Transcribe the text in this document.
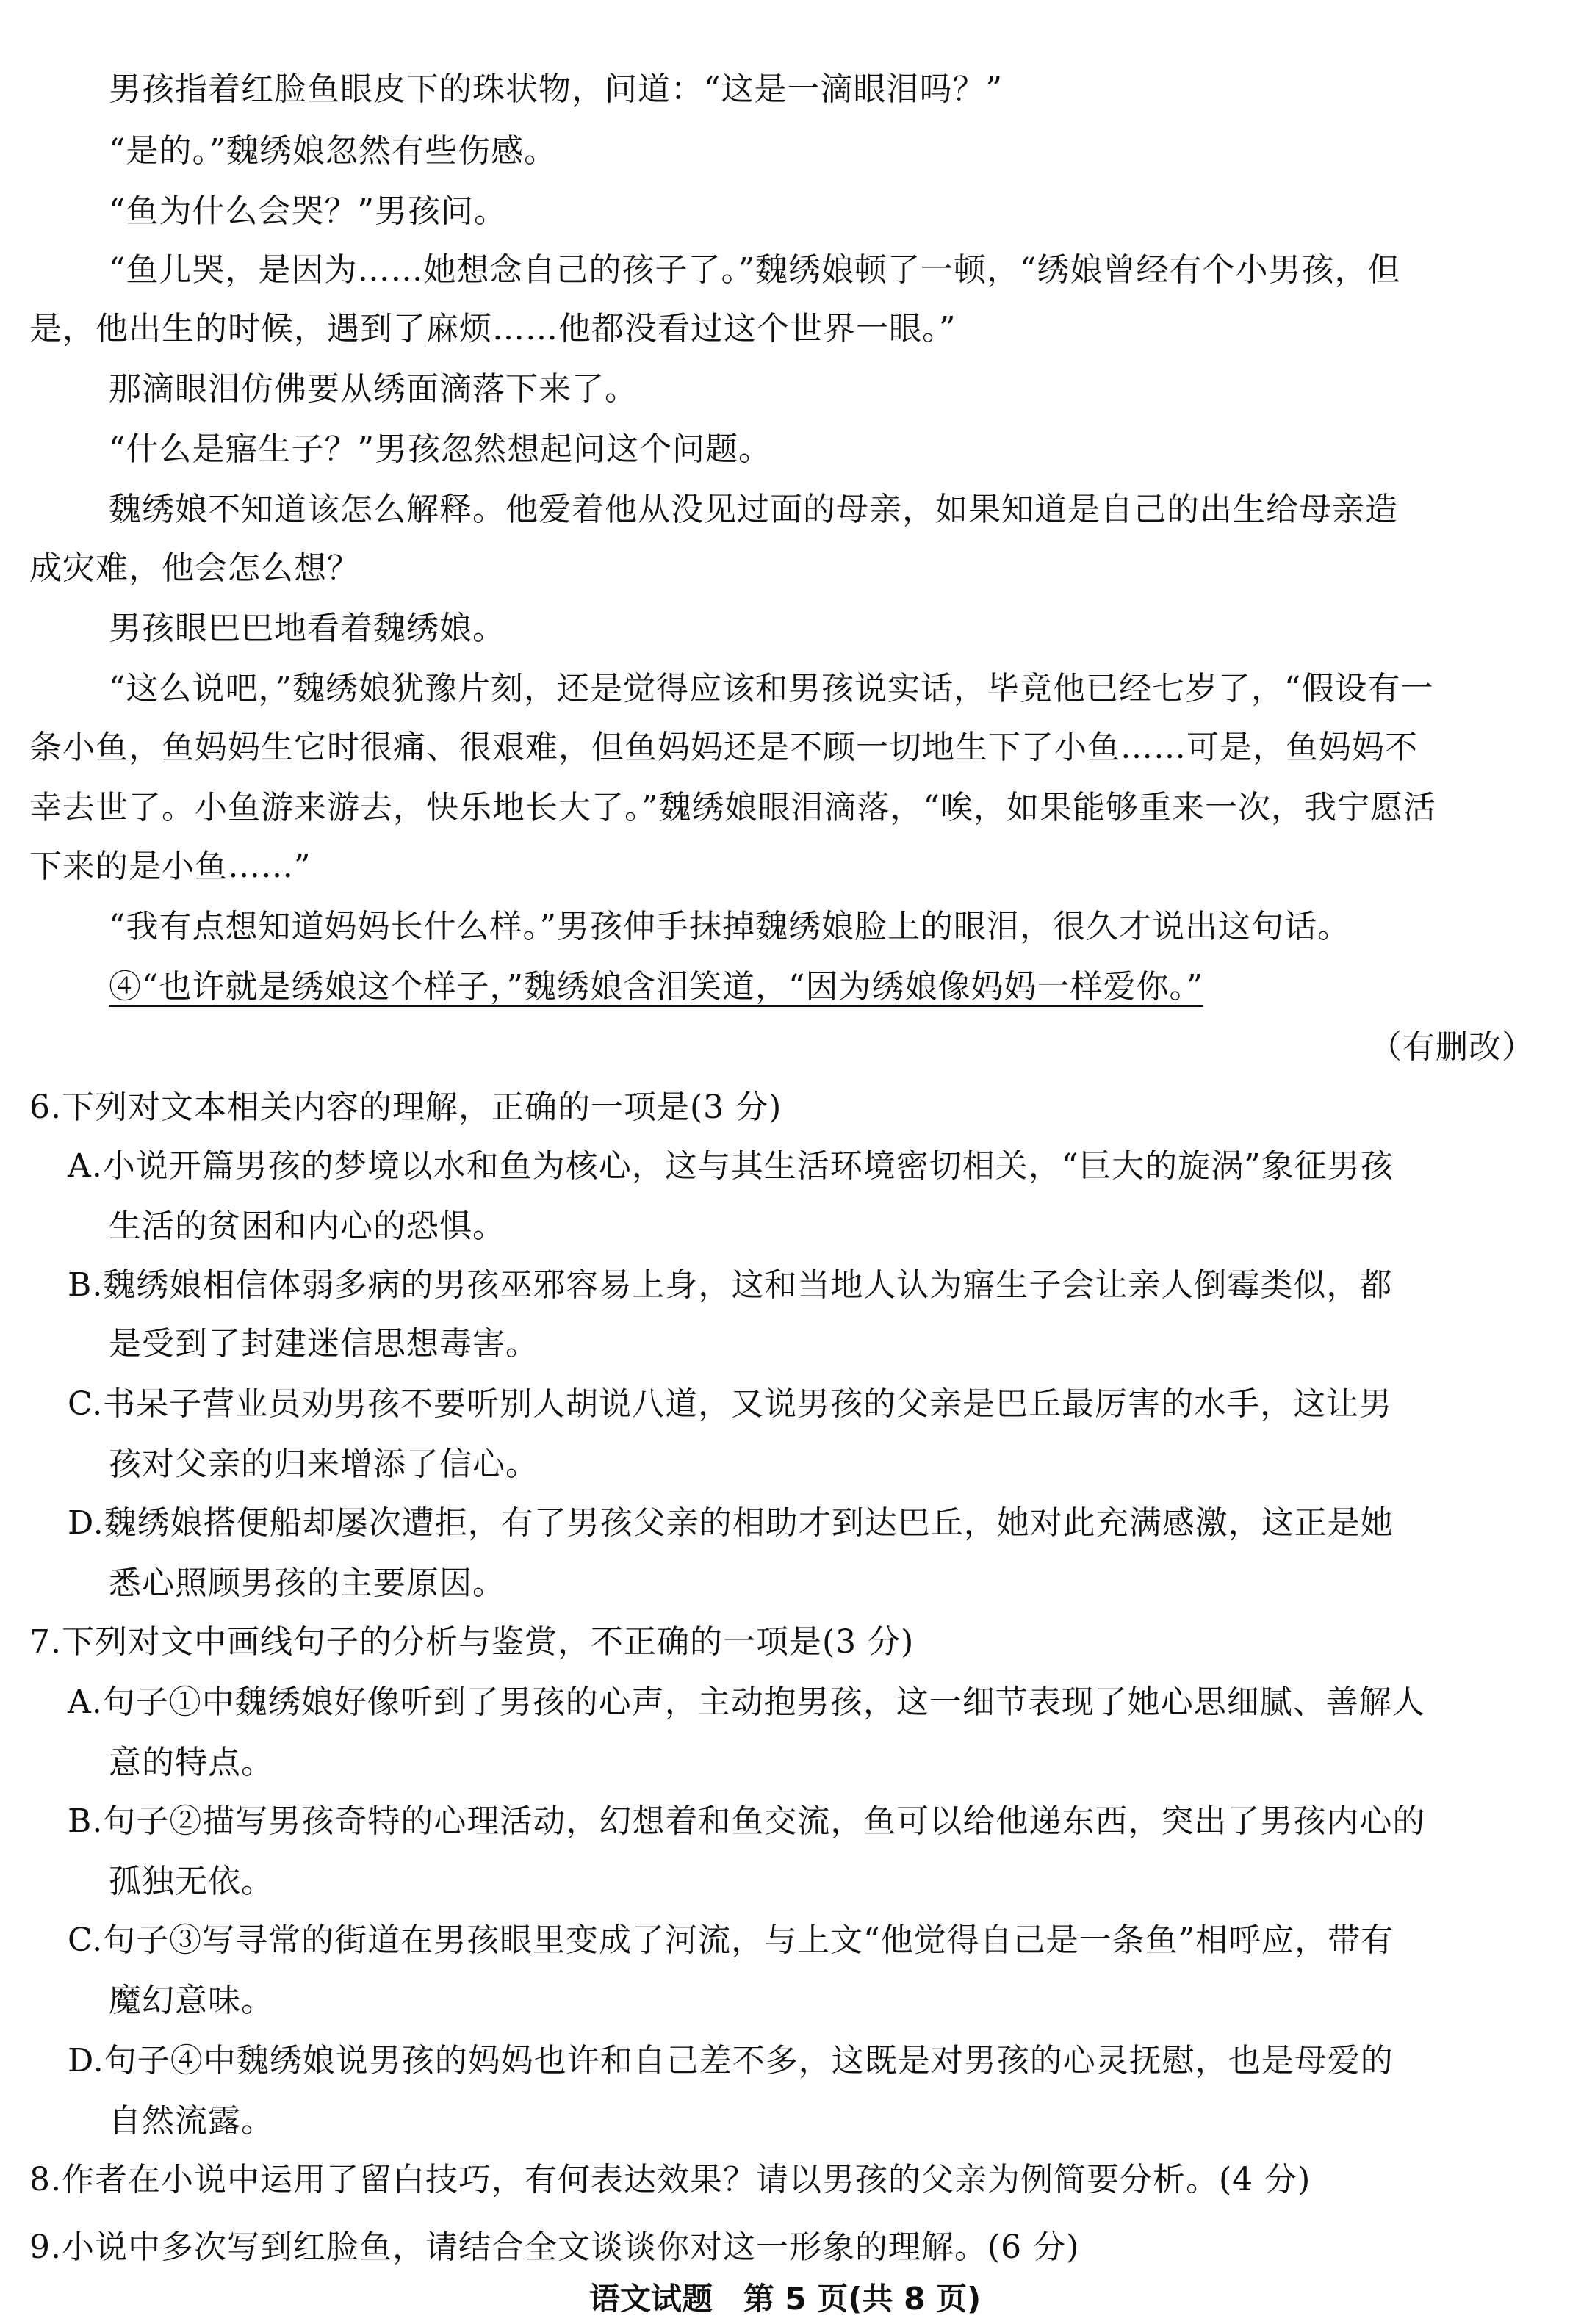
男孩指着红脸鱼眼皮下的珠状物，问道：“这是一滴眼泪吗？”
“是的。”魏绣娘忽然有些伤感。
“鱼为什么会哭？”男孩问。
“鱼儿哭，是因为……她想念自己的孩子了。”魏绣娘顿了一顿，“绣娘曾经有个小男孩，但
是，他出生的时候，遇到了麻烦……他都没看过这个世界一眼。”
那滴眼泪仿佛要从绣面滴落下来了。
“什么是寤生子？”男孩忽然想起问这个问题。
魏绣娘不知道该怎么解释。他爱着他从没见过面的母亲，如果知道是自己的出生给母亲造
成灾难，他会怎么想？
男孩眼巴巴地看着魏绣娘。
“这么说吧，”魏绣娘犹豫片刻，还是觉得应该和男孩说实话，毕竟他已经七岁了，“假设有一
条小鱼，鱼妈妈生它时很痛、很艰难，但鱼妈妈还是不顾一切地生下了小鱼……可是，鱼妈妈不
幸去世了。小鱼游来游去，快乐地长大了。”魏绣娘眼泪滴落，“唉，如果能够重来一次，我宁愿活
下来的是小鱼……”
“我有点想知道妈妈长什么样。”男孩伸手抹掉魏绣娘脸上的眼泪，很久才说出这句话。
④“也许就是绣娘这个样子，”魏绣娘含泪笑道，“因为绣娘像妈妈一样爱你。”
（有删改）
6.下列对文本相关内容的理解，正确的一项是(3 分)
A.小说开篇男孩的梦境以水和鱼为核心，这与其生活环境密切相关，“巨大的旋涡”象征男孩
生活的贫困和内心的恐惧。
B.魏绣娘相信体弱多病的男孩巫邪容易上身，这和当地人认为寤生子会让亲人倒霉类似，都
是受到了封建迷信思想毒害。
C.书呆子营业员劝男孩不要听别人胡说八道，又说男孩的父亲是巴丘最厉害的水手，这让男
孩对父亲的归来增添了信心。
D.魏绣娘搭便船却屡次遭拒，有了男孩父亲的相助才到达巴丘，她对此充满感激，这正是她
悉心照顾男孩的主要原因。
7.下列对文中画线句子的分析与鉴赏，不正确的一项是(3 分)
A.句子①中魏绣娘好像听到了男孩的心声，主动抱男孩，这一细节表现了她心思细腻、善解人
意的特点。
B.句子②描写男孩奇特的心理活动，幻想着和鱼交流，鱼可以给他递东西，突出了男孩内心的
孤独无依。
C.句子③写寻常的街道在男孩眼里变成了河流，与上文“他觉得自己是一条鱼”相呼应，带有
魔幻意味。
D.句子④中魏绣娘说男孩的妈妈也许和自己差不多，这既是对男孩的心灵抚慰，也是母爱的
自然流露。
8.作者在小说中运用了留白技巧，有何表达效果？请以男孩的父亲为例简要分析。(4 分)
9.小说中多次写到红脸鱼，请结合全文谈谈你对这一形象的理解。(6 分)
语文试题　第 5 页(共 8 页)
